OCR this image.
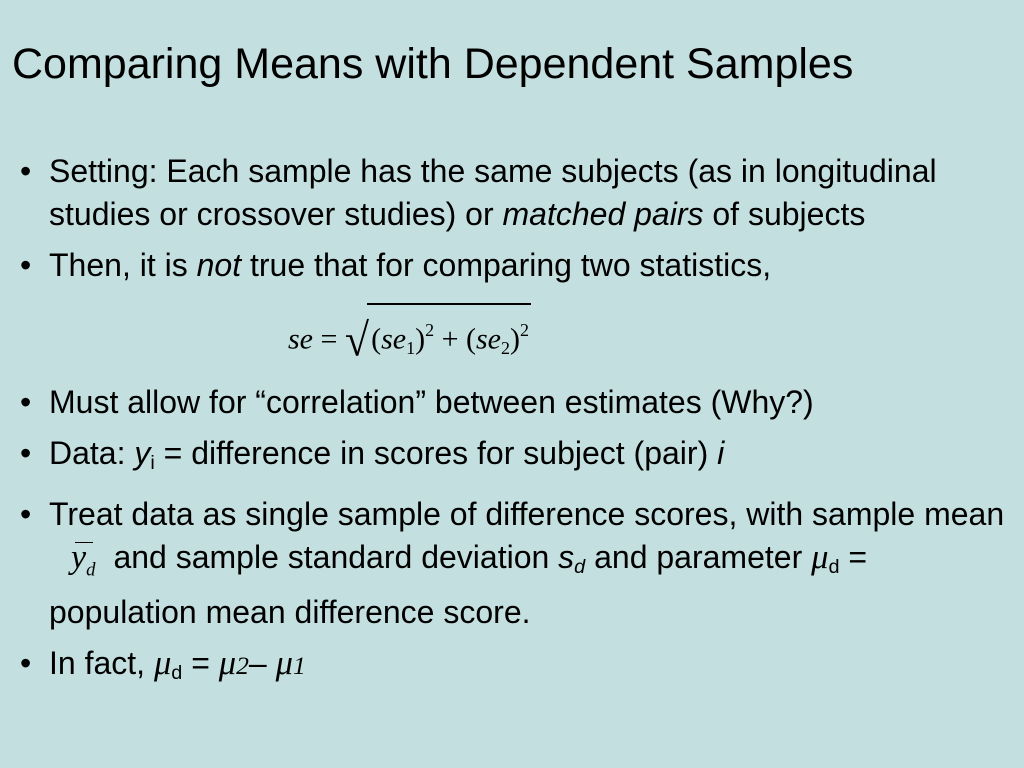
Comparing Means with Dependent Samples
• Setting: Each sample has the same subjects (as in longitudinal studies or crossover studies) or matched pairs of subjects
• Then, it is not true that for comparing two statistics,
se = $√(se_1)^2 + (se_2)^2$
• Must allow for “correlation” between estimates (Why?)
• Data: $y_i$ = difference in scores for subject (pair) i
• Treat data as single sample of difference scores, with sample meany$_d$ and sample standard deviation $s_d$ and parameter $\mu_d$ = population mean difference score.
• In fact, $\mu_d = \mu 2-$ μ1
